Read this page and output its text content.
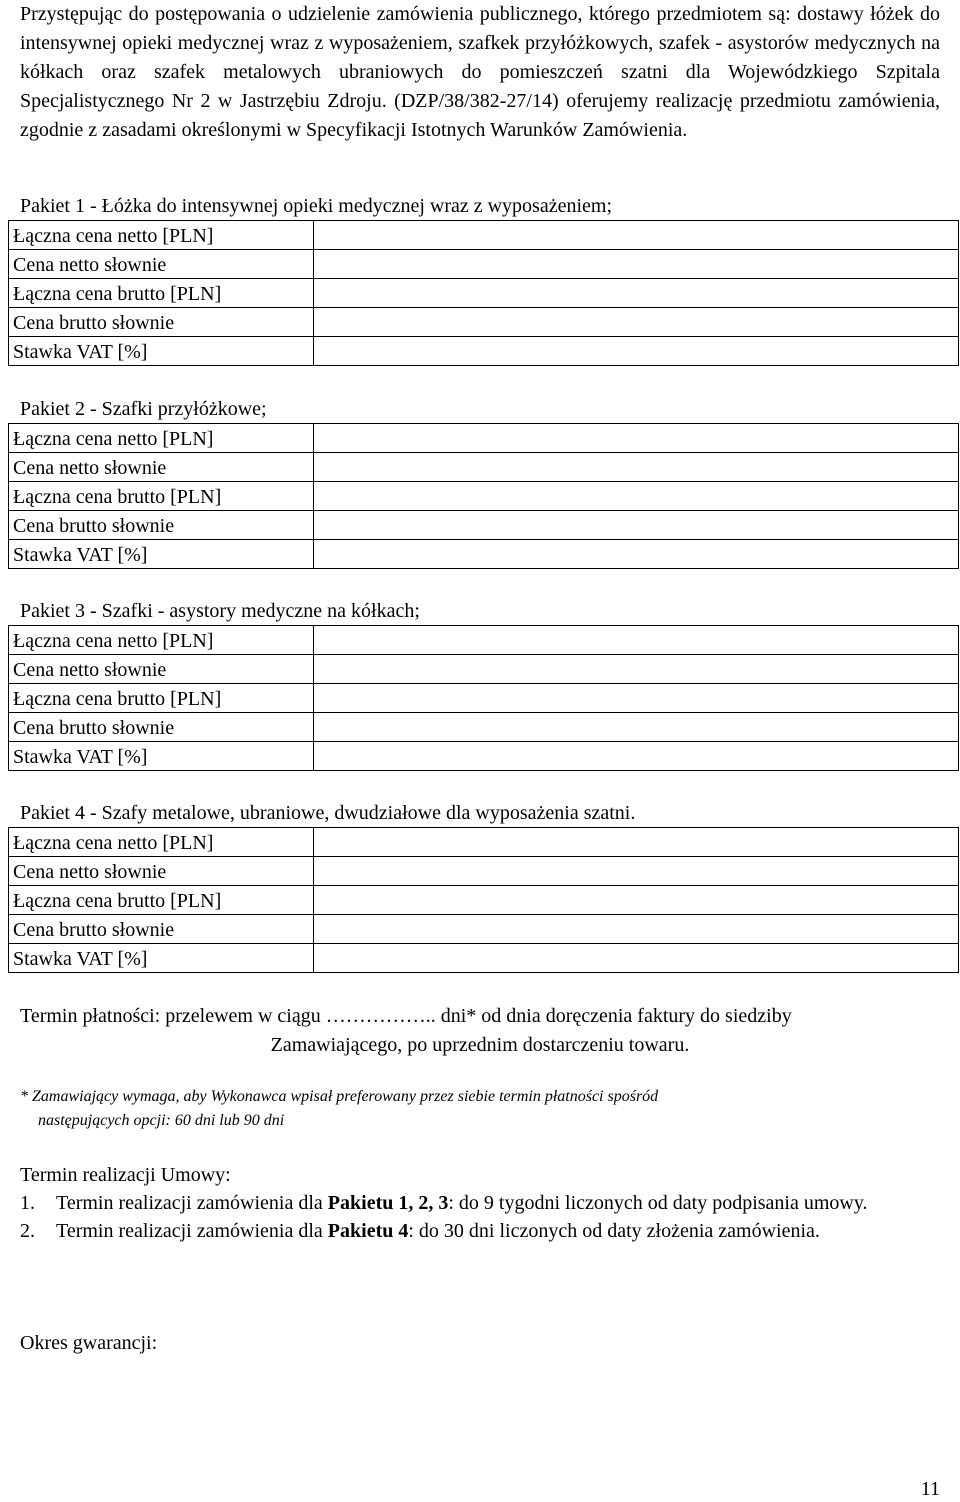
Przystępując do postępowania o udzielenie zamówienia publicznego, którego przedmiotem są: dostawy łóżek do intensywnej opieki medycznej wraz z wyposażeniem, szafkek przyłóżkowych, szafek - asystorów medycznych na kółkach oraz szafek metalowych ubraniowych do pomieszczeń szatni dla Wojewódzkiego Szpitala Specjalistycznego Nr 2 w Jastrzębiu Zdroju. (DZP/38/382-27/14) oferujemy realizację przedmiotu zamówienia, zgodnie z zasadami określonymi w Specyfikacji Istotnych Warunków Zamówienia.

Pakiet 1 - Łóżka do intensywnej opieki medycznej wraz z wyposażeniem;

Łączna cena netto [PLN]	
Cena netto słownie	
Łączna cena brutto [PLN]	
Cena brutto słownie	
Stawka VAT [%]	

Pakiet 2 - Szafki przyłóżkowe;

Łączna cena netto [PLN]	
Cena netto słownie	
Łączna cena brutto [PLN]	
Cena brutto słownie	
Stawka VAT [%]	

Pakiet 3 - Szafki - asystory medyczne na kółkach;

Łączna cena netto [PLN]	
Cena netto słownie	
Łączna cena brutto [PLN]	
Cena brutto słownie	
Stawka VAT [%]	

Pakiet 4 - Szafy metalowe, ubraniowe, dwudziałowe dla wyposażenia szatni.

Łączna cena netto [PLN]	
Cena netto słownie	
Łączna cena brutto [PLN]	
Cena brutto słownie	
Stawka VAT [%]	

Termin płatności: przelewem w ciągu …………….. dni* od dnia doręczenia faktury do siedziby

Zamawiającego, po uprzednim dostarczeniu towaru.

* Zamawiający wymaga, aby Wykonawca wpisał preferowany przez siebie termin płatności spośród
następujących opcji: 60 dni lub 90 dni

Termin realizacji Umowy:

1. Termin realizacji zamówienia dla Pakietu 1, 2, 3: do 9 tygodni liczonych od daty podpisania umowy.
2. Termin realizacji zamówienia dla Pakietu 4: do 30 dni liczonych od daty złożenia zamówienia.

Okres gwarancji:

11
